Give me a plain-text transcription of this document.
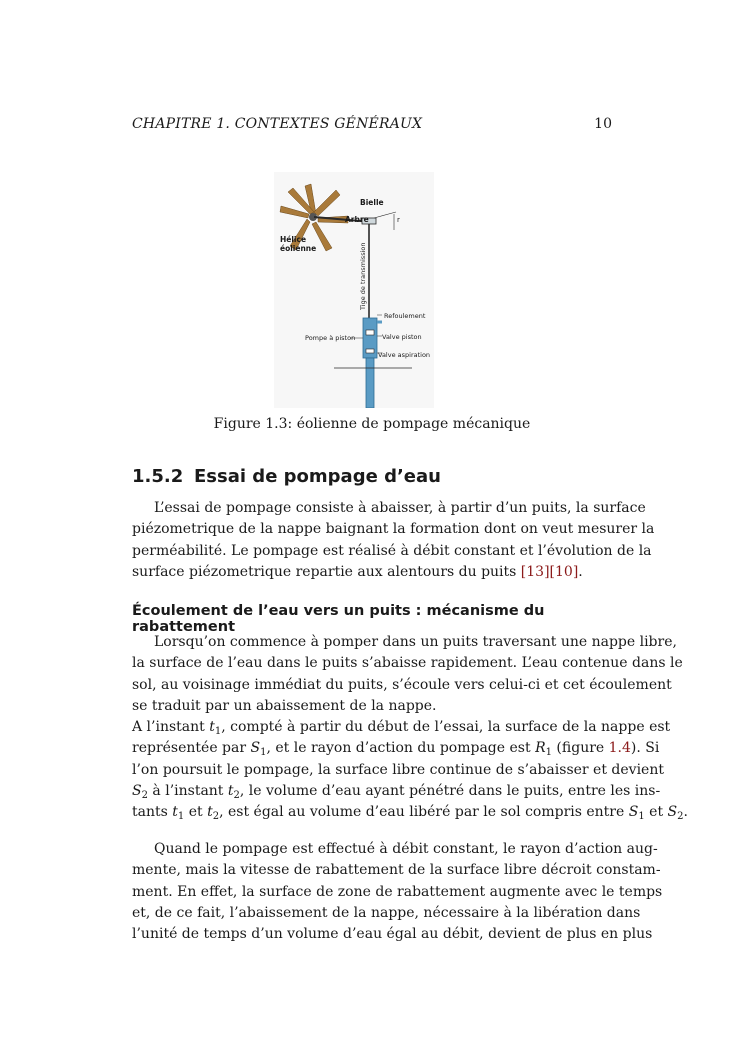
CHAPITRE 1. CONTEXTES GÉNÉRAUX	10
Bielle
Arbre	r
Hélice
éolienne	Tige de transmission
Refoulement
Pompe à piston	Valve piston
Valve aspiration
Figure 1.3: éolienne de pompage mécanique
1.5.2 Essai de pompage d’eau
L’essai de pompage consiste à abaisser, à partir d’un puits, la surface
piézometrique de la nappe baignant la formation dont on veut mesurer la
perméabilité. Le pompage est réalisé à débit constant et l’évolution de la
surface piézometrique repartie aux alentours du puits [13][10].
Écoulement de l’eau vers un puits : mécanisme du rabattement
Lorsqu’on commence à pomper dans un puits traversant une nappe libre,
la surface de l’eau dans le puits s’abaisse rapidement. L’eau contenue dans le
sol, au voisinage immédiat du puits, s’écoule vers celui-ci et cet écoulement
se traduit par un abaissement de la nappe.
A l’instant $t_1$, compté à partir du début de l’essai, la surface de la nappe est
représentée par $S_1$, et le rayon d’action du pompage est $R_1$ (figure 1.4). Si
l’on poursuit le pompage, la surface libre continue de s’abaisser et devient
$S_2$ à l’instant $t_2$, le volume d’eau ayant pénétré dans le puits, entre les ins-
tants $t_1$ et $t_2$, est égal au volume d’eau libéré par le sol compris entre $S_1$ et $S_2$.
Quand le pompage est effectué à débit constant, le rayon d’action aug-
mente, mais la vitesse de rabattement de la surface libre décroit constam-
ment. En effet, la surface de zone de rabattement augmente avec le temps
et, de ce fait, l’abaissement de la nappe, nécessaire à la libération dans
l’unité de temps d’un volume d’eau égal au débit, devient de plus en plus
